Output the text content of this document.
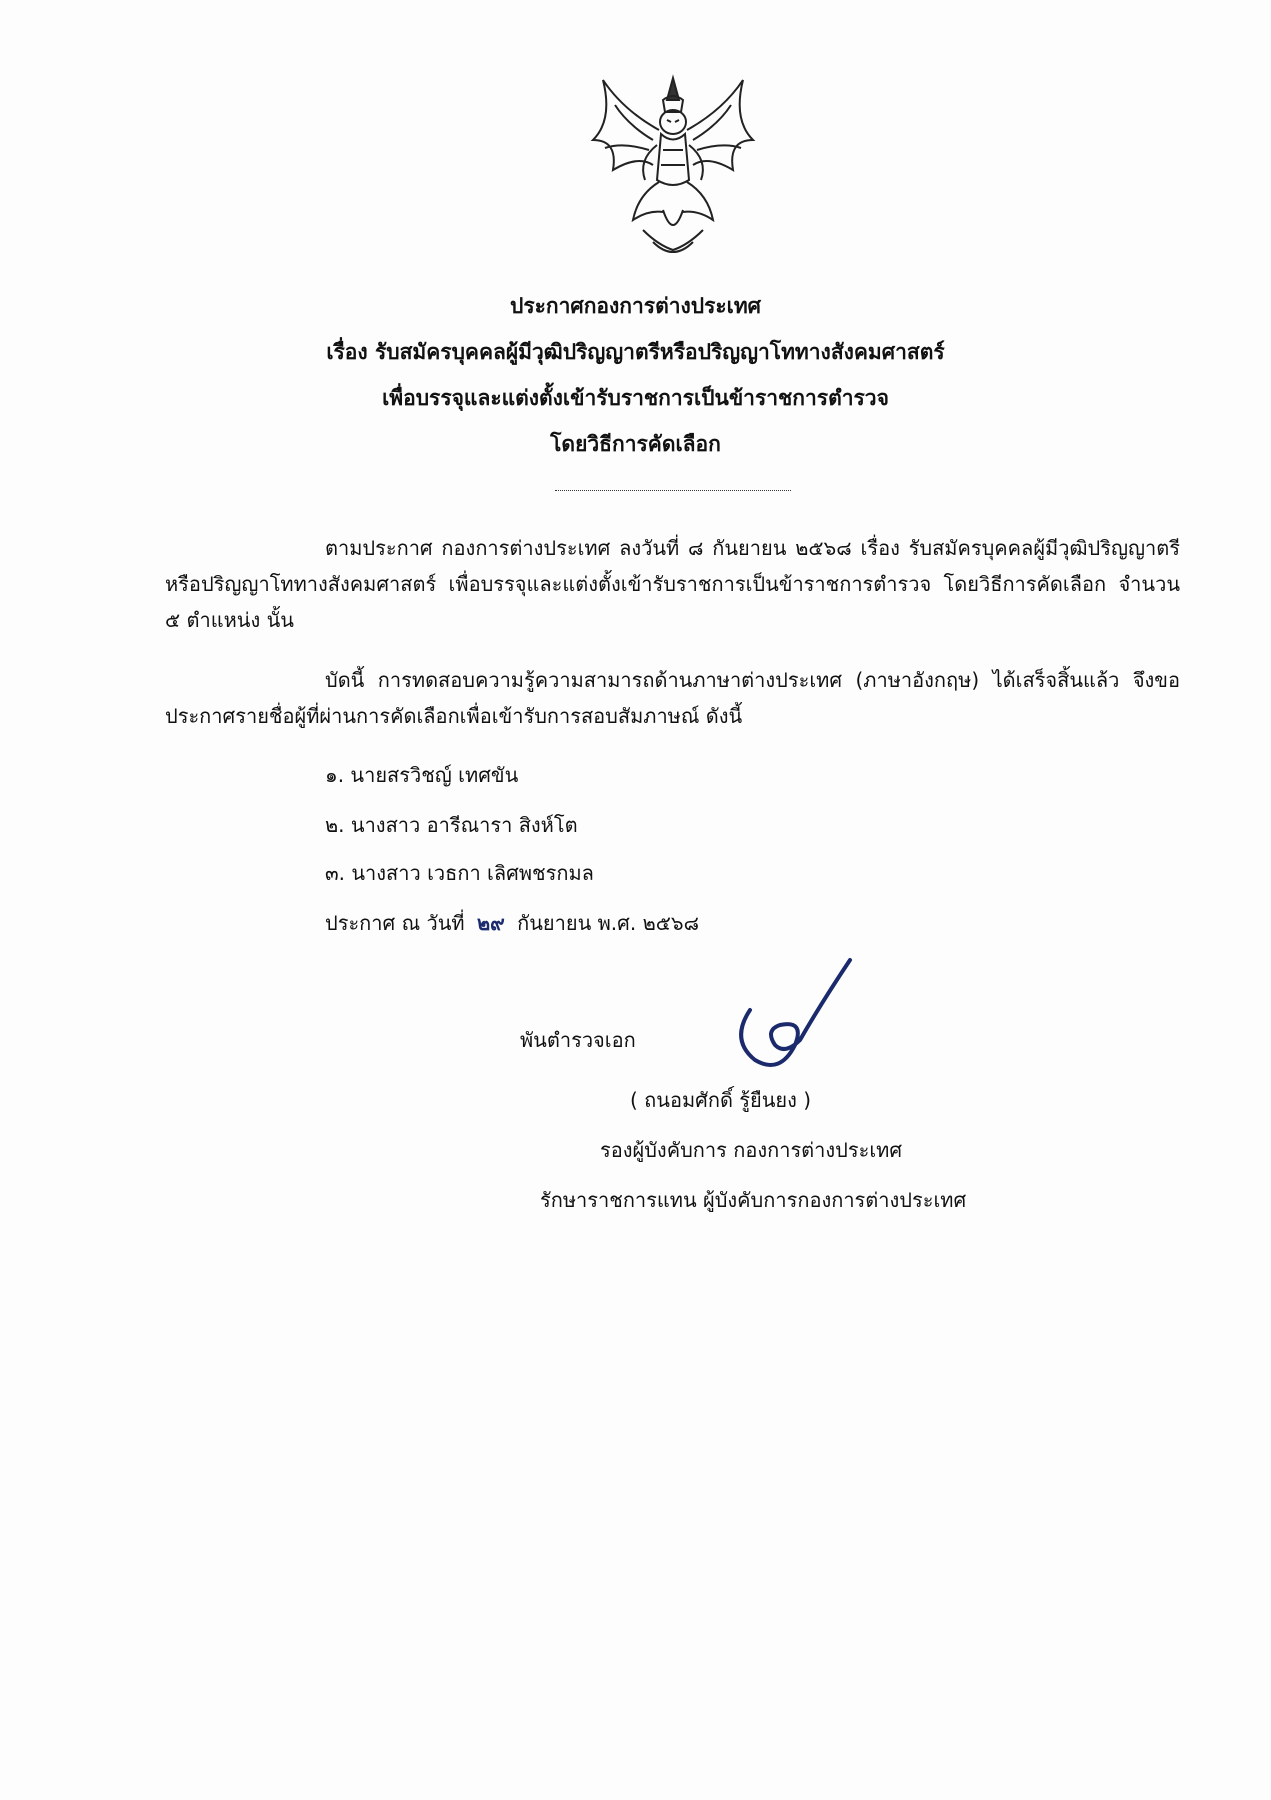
ประกาศกองการต่างประเทศ
เรื่อง รับสมัครบุคคลผู้มีวุฒิปริญญาตรีหรือปริญญาโททางสังคมศาสตร์
เพื่อบรรจุและแต่งตั้งเข้ารับราชการเป็นข้าราชการตำรวจ
โดยวิธีการคัดเลือก
ตามประกาศ กองการต่างประเทศ ลงวันที่ ๘ กันยายน ๒๕๖๘ เรื่อง รับสมัครบุคคลผู้มีวุฒิปริญญาตรีหรือปริญญาโททางสังคมศาสตร์ เพื่อบรรจุและแต่งตั้งเข้ารับราชการเป็นข้าราชการตำรวจ โดยวิธีการคัดเลือก จำนวน ๕ ตำแหน่ง นั้น
บัดนี้ การทดสอบความรู้ความสามารถด้านภาษาต่างประเทศ (ภาษาอังกฤษ) ได้เสร็จสิ้นแล้ว จึงขอประกาศรายชื่อผู้ที่ผ่านการคัดเลือกเพื่อเข้ารับการสอบสัมภาษณ์ ดังนี้
๑. นายสรวิชญ์ เทศขัน
๒. นางสาว อารีณารา สิงห์โต
๓. นางสาว เวธกา เลิศพชรกมล
ประกาศ ณ วันที่ ๒๙ กันยายน พ.ศ. ๒๕๖๘
พันตำรวจเอก
( ถนอมศักดิ์ รู้ยืนยง )
รองผู้บังคับการ กองการต่างประเทศ
รักษาราชการแทน ผู้บังคับการกองการต่างประเทศ
